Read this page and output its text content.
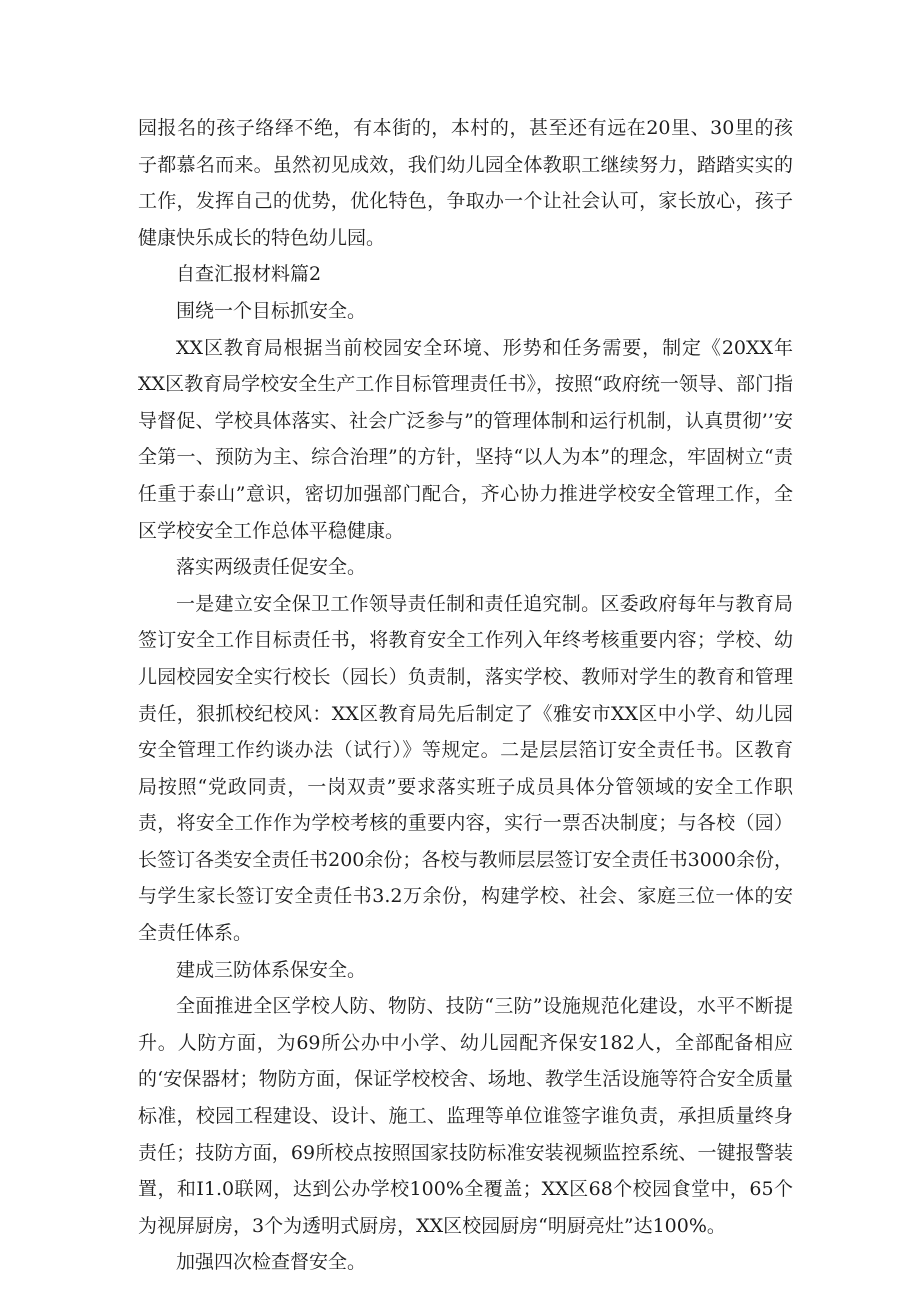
园报名的孩子络绎不绝，有本街的，本村的，甚至还有远在20里、30里的孩子都慕名而来。虽然初见成效，我们幼儿园全体教职工继续努力，踏踏实实的工作，发挥自己的优势，优化特色，争取办一个让社会认可，家长放心，孩子健康快乐成长的特色幼儿园。

自查汇报材料篇2

围绕一个目标抓安全。

XX区教育局根据当前校园安全环境、形势和任务需要，制定《20XX年XX区教育局学校安全生产工作目标管理责任书》，按照“政府统一领导、部门指导督促、学校具体落实、社会广泛参与”的管理体制和运行机制，认真贯彻’’安全第一、预防为主、综合治理”的方针，坚持“以人为本”的理念，牢固树立“责任重于泰山”意识，密切加强部门配合，齐心协力推进学校安全管理工作，全区学校安全工作总体平稳健康。

落实两级责任促安全。

一是建立安全保卫工作领导责任制和责任追究制。区委政府每年与教育局签订安全工作目标责任书，将教育安全工作列入年终考核重要内容；学校、幼儿园校园安全实行校长（园长）负责制，落实学校、教师对学生的教育和管理责任，狠抓校纪校风：XX区教育局先后制定了《雅安市XX区中小学、幼儿园安全管理工作约谈办法（试行）》等规定。二是层层箔订安全责任书。区教育局按照“党政同责，一岗双责”要求落实班子成员具体分管领域的安全工作职责，将安全工作作为学校考核的重要内容，实行一票否决制度；与各校（园）长签订各类安全责任书200余份；各校与教师层层签订安全责任书3000余份，与学生家长签订安全责任书3.2万余份，构建学校、社会、家庭三位一体的安全责任体系。

建成三防体系保安全。

全面推进全区学校人防、物防、技防“三防”设施规范化建设，水平不断提升。人防方面，为69所公办中小学、幼儿园配齐保安182人，全部配备相应的‘安保器材；物防方面，保证学校校舍、场地、教学生活设施等符合安全质量标准，校园工程建设、设计、施工、监理等单位谁签字谁负责，承担质量终身责任；技防方面，69所校点按照国家技防标准安装视频监控系统、一键报警装置，和I1.0联网，达到公办学校100%全覆盖；XX区68个校园食堂中，65个为视屏厨房，3个为透明式厨房，XX区校园厨房“明厨亮灶”达100%。

加强四次检查督安全。
